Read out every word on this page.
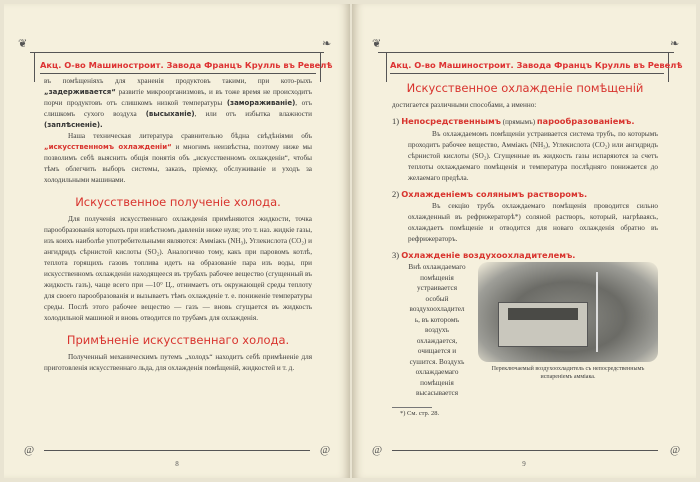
❦	❧
Акц. О-во Машиностроит. Завода Францъ Крулль въ Ревелѣ
въ помѣщеніяхъ для храненія продуктовъ такими, при кото-рыхъ „задерживается“ развитіе микроорганизмовъ, и въ тоже время не происходитъ порчи продуктовъ отъ слишкомъ низкой температуры (замораживаніе), отъ слишкомъ сухого воздуха (высыханіе), или отъ избытка влажности (заплѣсненіе).

Наша техническая литература сравнительно бѣдна свѣдѣніями объ „искусственномъ охлажденіи“ и многимъ неизвѣстна, поэтому ниже мы позволимъ себѣ выяснить общія понятія объ „искусственномъ охлажденіи“, чтобы тѣмъ облегчить выборъ системы, заказъ, пріемку, обслуживаніе и уходъ за холодильными машинами.

Искусственное полученіе холода.

Для полученія искусственнаго охлажденія примѣняются жидкости, точка парообразованія которыхъ при извѣстномъ давленіи ниже нуля; это т. наз. жидкіе газы, изъ коихъ наиболѣе употребительными являются: Аммiакъ (NH₃), Углекислота (CO₂) и ангидридъ сѣрнистой кислоты (SO₂). Аналогично тому, какъ при паровомъ котлѣ, теплота горящихъ газовъ топлива идетъ на образованіе пара изъ воды, при искусственномъ охлажденіи находящееся въ трубахъ рабочее вещество (сгущенный въ жидкость газъ), чаще всего при —10° Ц., отнимаетъ отъ окружающей среды теплоту для своего парообразованія и вызываетъ тѣмъ охлажденіе т. е. пониженіе температуры среды. Послѣ этого рабочее вещество — газъ — вновь сгущается въ жидкость холодильной машиной и вновь отводится по трубамъ для охлажденія.

Примѣненіе искусственнаго холода.

Полученный механическимъ путемъ „холодъ“ находитъ себѣ примѣненіе для приготовленія искусственнаго льда, для охлажденія помѣщеній, жидкостей и т. д.

@	@
8
❦	❧
Акц. О-во Машиностроит. Завода Францъ Крулль въ Ревелѣ
Искусственное охлажденіе помѣщеній
достигается различными способами, а именно:
1) Непосредственнымъ (прямымъ) парообразованіемъ.

Въ охлаждаемомъ помѣщеніи устраивается система трубъ, по которымъ проходитъ рабочее вещество, Аммiакъ (NH₃), Углекислота (CO₂) или ангидридъ сѣрнистой кислоты (SO₂). Сгущенные въ жидкость газы испаряются за счетъ теплоты охлаждаемаго помѣщенія и температура послѣдняго понижается до желаемаго предѣла.

2) Охлажденіемъ солянымъ растворомъ.

Въ секцію трубъ охлаждаемаго помѣщенія проводится сильно охлажденный въ рефрижераторѣ*) соляной растворъ, который, нагрѣваясь, охлаждаетъ помѣщеніе и отводится для новаго охлажденія обратно въ рефрижераторъ.

3) Охлажденіе воздухоохладителемъ.
Внѣ охлаждаемаго помѣщенія устраивается особый воздухоохладитель, въ которомъ воздухъ охлаждается, очищается и сушится. Воздухъ охлаждаемаго помѣщенія высасывается
Переключаемый воздухоохладитель съ непосредственнымъ испареніемъ аммiака.
*) См. стр. 28.
@	@
9
